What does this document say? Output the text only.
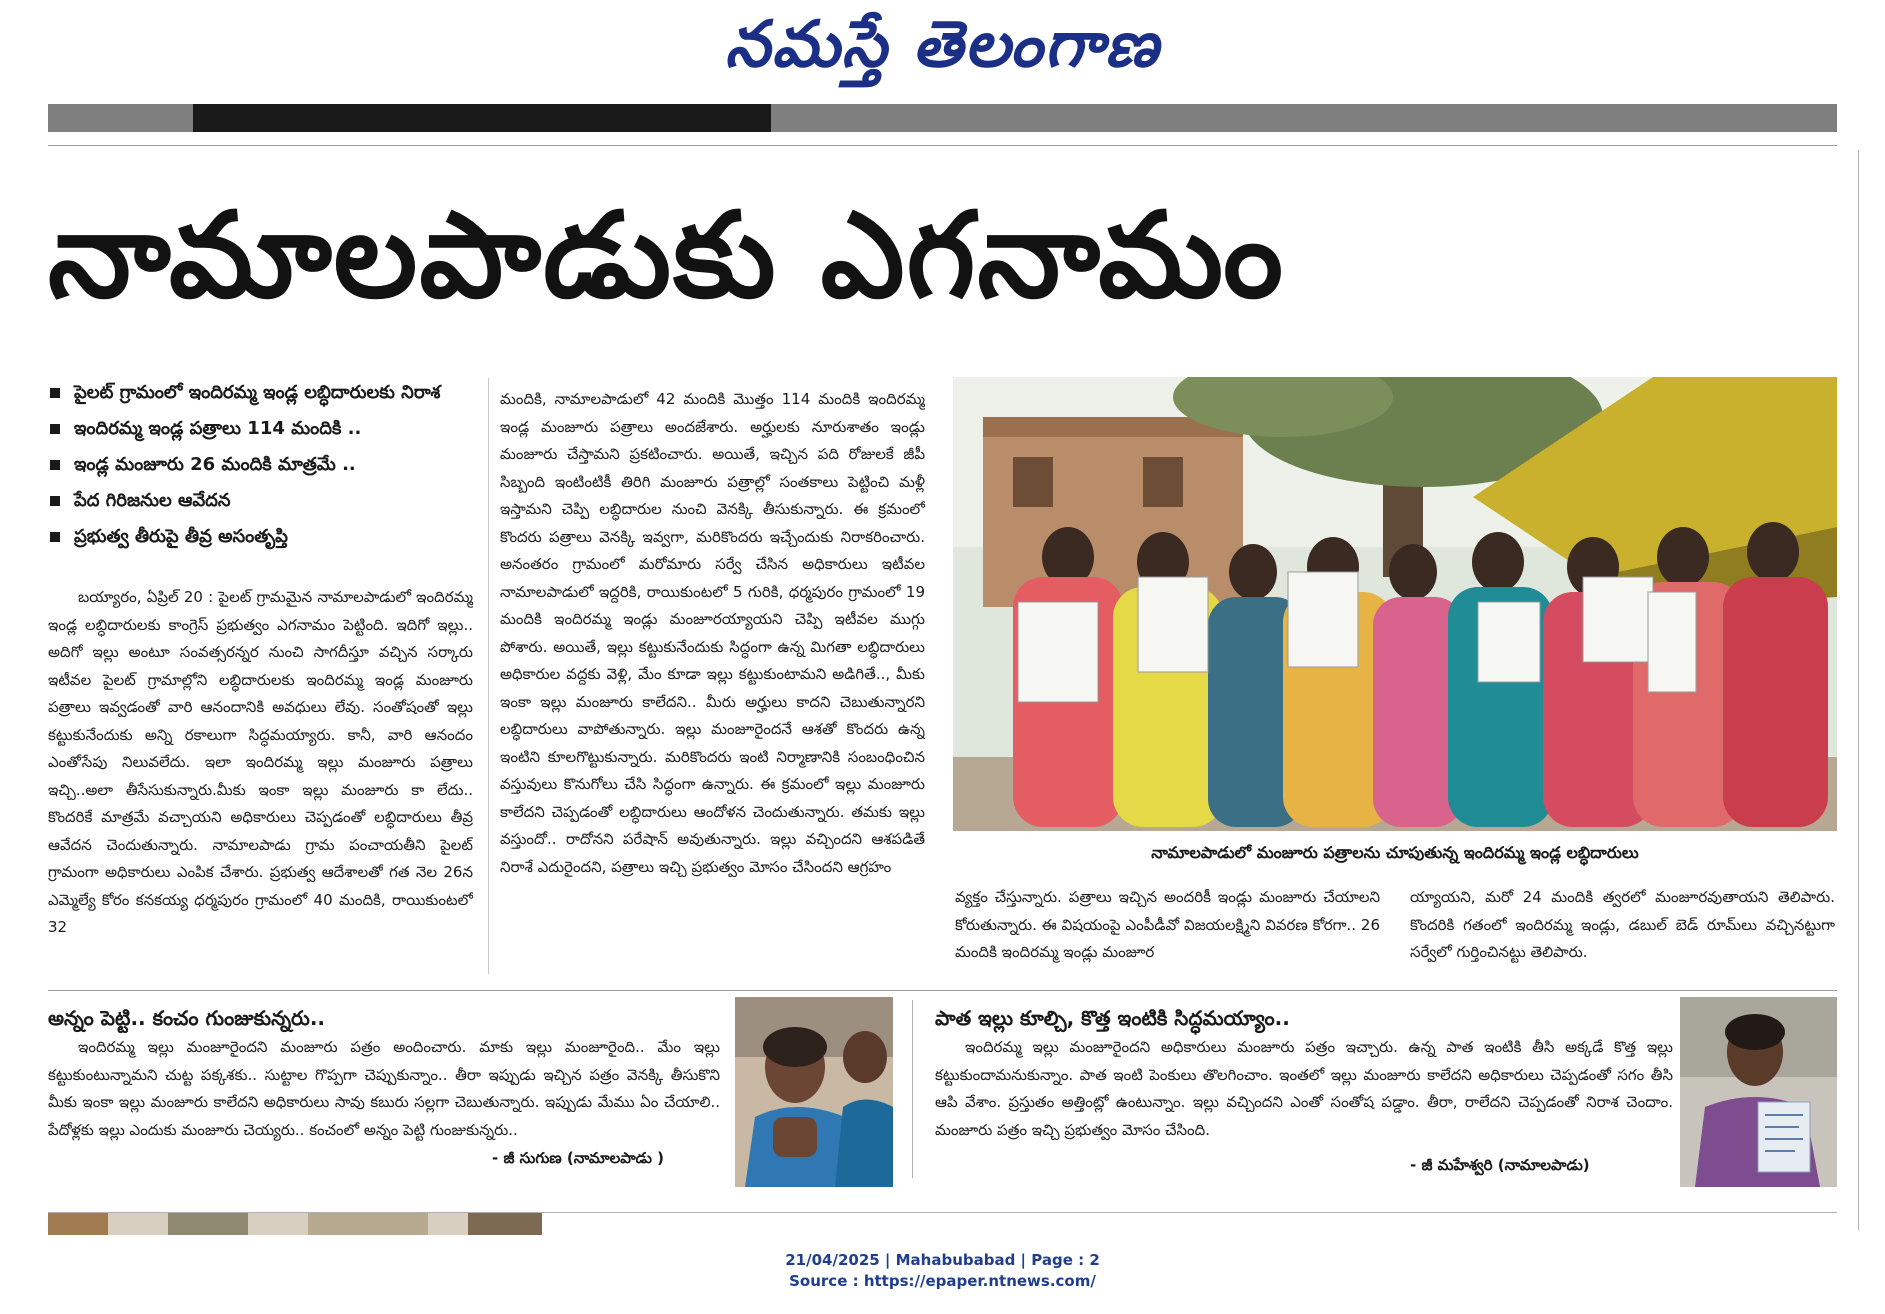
నమస్తే తెలంగాణ
నామాలపాడుకు ఎగనామం
పైలట్‌ గ్రామంలో ఇందిరమ్మ ఇండ్ల లబ్ధిదారులకు నిరాశ
ఇందిరమ్మ ఇండ్ల పత్రాలు 114 మందికి ..
ఇండ్ల మంజూరు 26 మందికి మాత్రమే ..
పేద గిరిజనుల ఆవేదన
ప్రభుత్వ తీరుపై తీవ్ర అసంతృప్తి
బయ్యారం, ఏప్రిల్‌ 20 : పైలట్‌ గ్రామమైన నామాలపాడులో ఇందిరమ్మ ఇండ్ల లబ్ధిదారులకు కాంగ్రెస్‌ ప్రభుత్వం ఎగనామం పెట్టింది. ఇదిగో ఇల్లు.. అదిగో ఇల్లు అంటూ సంవత్సరన్నర నుంచి సాగదీస్తూ వచ్చిన సర్కారు ఇటీవల పైలట్‌ గ్రామాల్లోని లబ్ధిదారులకు ఇందిరమ్మ ఇండ్ల మంజూరు పత్రాలు ఇవ్వడంతో వారి ఆనందానికి అవధులు లేవు. సంతోషంతో ఇల్లు కట్టుకునేందుకు అన్ని రకాలుగా సిద్ధమయ్యారు. కానీ, వారి ఆనందం ఎంతోసేపు నిలువలేదు. ఇలా ఇందిరమ్మ ఇల్లు మంజూరు పత్రాలు ఇచ్చి..అలా తీసేసుకున్నారు.మీకు ఇంకా ఇల్లు మంజూరు కా లేదు.. కొందరికే మాత్రమే వచ్చాయని అధికారులు చెప్పడంతో లబ్ధిదారులు తీవ్ర ఆవేదన చెందుతున్నారు. నామాలపాడు గ్రామ పంచాయతీని పైలట్‌ గ్రామంగా అధికారులు ఎంపిక చేశారు. ప్రభుత్వ ఆదేశాలతో గత నెల 26న ఎమ్మెల్యే కోరం కనకయ్య ధర్మపురం గ్రామంలో 40 మందికి, రాయికుంటలో 32
మందికి, నామాలపాడులో 42 మందికి మొత్తం 114 మందికి ఇందిరమ్మ ఇండ్ల మంజూరు పత్రాలు అందజేశారు. అర్హులకు నూరుశాతం ఇండ్లు మంజూరు చేస్తామని ప్రకటించారు. అయితే, ఇచ్చిన పది రోజులకే జీపీ సిబ్బంది ఇంటింటికీ తిరిగి మంజూరు పత్రాల్లో సంతకాలు పెట్టించి మళ్లీ ఇస్తామని చెప్పి లబ్ధిదారుల నుంచి వెనక్కి తీసుకున్నారు. ఈ క్రమంలో కొందరు పత్రాలు వెనక్కి ఇవ్వగా, మరికొందరు ఇచ్చేందుకు నిరాకరించారు. అనంతరం గ్రామంలో మరోమారు సర్వే చేసిన అధికారులు ఇటీవల నామాలపాడులో ఇద్దరికి, రాయికుంటలో 5 గురికి, ధర్మపురం గ్రామంలో 19 మందికి ఇందిరమ్మ ఇండ్లు మంజూరయ్యాయని చెప్పి ఇటీవల ముగ్గు పోశారు. అయితే, ఇల్లు కట్టుకునేందుకు సిద్ధంగా ఉన్న మిగతా లబ్ధిదారులు అధికారుల వద్దకు వెళ్లి, మేం కూడా ఇల్లు కట్టుకుంటామని అడిగితే.., మీకు ఇంకా ఇల్లు మంజూరు కాలేదని.. మీరు అర్హులు కాదని చెబుతున్నారని లబ్ధిదారులు వాపోతున్నారు. ఇల్లు మంజూరైందనే ఆశతో కొందరు ఉన్న ఇంటిని కూలగొట్టుకున్నారు. మరికొందరు ఇంటి నిర్మాణానికి సంబంధించిన వస్తువులు కొనుగోలు చేసి సిద్ధంగా ఉన్నారు. ఈ క్రమంలో ఇల్లు మంజూరు కాలేదని చెప్పడంతో లబ్ధిదారులు ఆందోళన చెందుతున్నారు. తమకు ఇల్లు వస్తుందో.. రాదోనని పరేషాన్‌ అవుతున్నారు. ఇల్లు వచ్చిందని ఆశపడితే నిరాశే ఎదురైందని, పత్రాలు ఇచ్చి ప్రభుత్వం మోసం చేసిందని ఆగ్రహం
వ్యక్తం చేస్తున్నారు. పత్రాలు ఇచ్చిన అందరికీ ఇండ్లు మంజూరు చేయాలని కోరుతున్నారు. ఈ విషయంపై ఎంపీడీవో విజయలక్ష్మిని వివరణ కోరగా.. 26 మందికి ఇందిరమ్మ ఇండ్లు మంజూర
య్యాయని, మరో 24 మందికి త్వరలో మంజూరవుతాయని తెలిపారు. కొందరికి గతంలో ఇందిరమ్మ ఇండ్లు, డబుల్‌ బెడ్‌ రూమ్‌లు వచ్చినట్టుగా సర్వేలో గుర్తించినట్టు తెలిపారు.
నామాలపాడులో మంజూరు పత్రాలను చూపుతున్న ఇందిరమ్మ ఇండ్ల లబ్ధిదారులు
అన్నం పెట్టి.. కంచం గుంజుకున్నరు..
ఇందిరమ్మ ఇల్లు మంజూరైందని మంజూరు పత్రం అందించారు. మాకు ఇల్లు మంజూరైంది.. మేం ఇల్లు కట్టుకుంటున్నామని చుట్ట పక్కశకు.. సుట్టాల గొప్పగా చెప్పుకున్నాం.. తీరా ఇప్పుడు ఇచ్చిన పత్రం వెనక్కి తీసుకొని మీకు ఇంకా ఇల్లు మంజూరు కాలేదని అధికారులు సావు కబురు సల్లగా చెబుతున్నారు. ఇప్పుడు మేము ఏం చేయాలి.. పేదోళ్లకు ఇల్లు ఎందుకు మంజూరు చెయ్యరు.. కంచంలో అన్నం పెట్టి గుంజుకున్నరు..
- జీ సుగుణ (నామాలపాడు )
పాత ఇల్లు కూల్చి, కొత్త ఇంటికి సిద్ధమయ్యాం..
ఇందిరమ్మ ఇల్లు మంజూరైందని అధికారులు మంజూరు పత్రం ఇచ్చారు. ఉన్న పాత ఇంటికి తీసి అక్కడే కొత్త ఇల్లు కట్టుకుందామనుకున్నాం. పాత ఇంటి పెంకులు తొలగించాం. ఇంతలో ఇల్లు మంజూరు కాలేదని అధికారులు చెప్పడంతో సగం తీసి ఆపి వేశాం. ప్రస్తుతం అత్తింట్లో ఉంటున్నాం. ఇల్లు వచ్చిందని ఎంతో సంతోష పడ్డాం. తీరా, రాలేదని చెప్పడంతో నిరాశ చెందాం. మంజూరు పత్రం ఇచ్చి ప్రభుత్వం మోసం చేసింది.
- జీ మహేశ్వరి (నామాలపాడు)
21/04/2025 | Mahabubabad | Page : 2
Source : https://epaper.ntnews.com/
